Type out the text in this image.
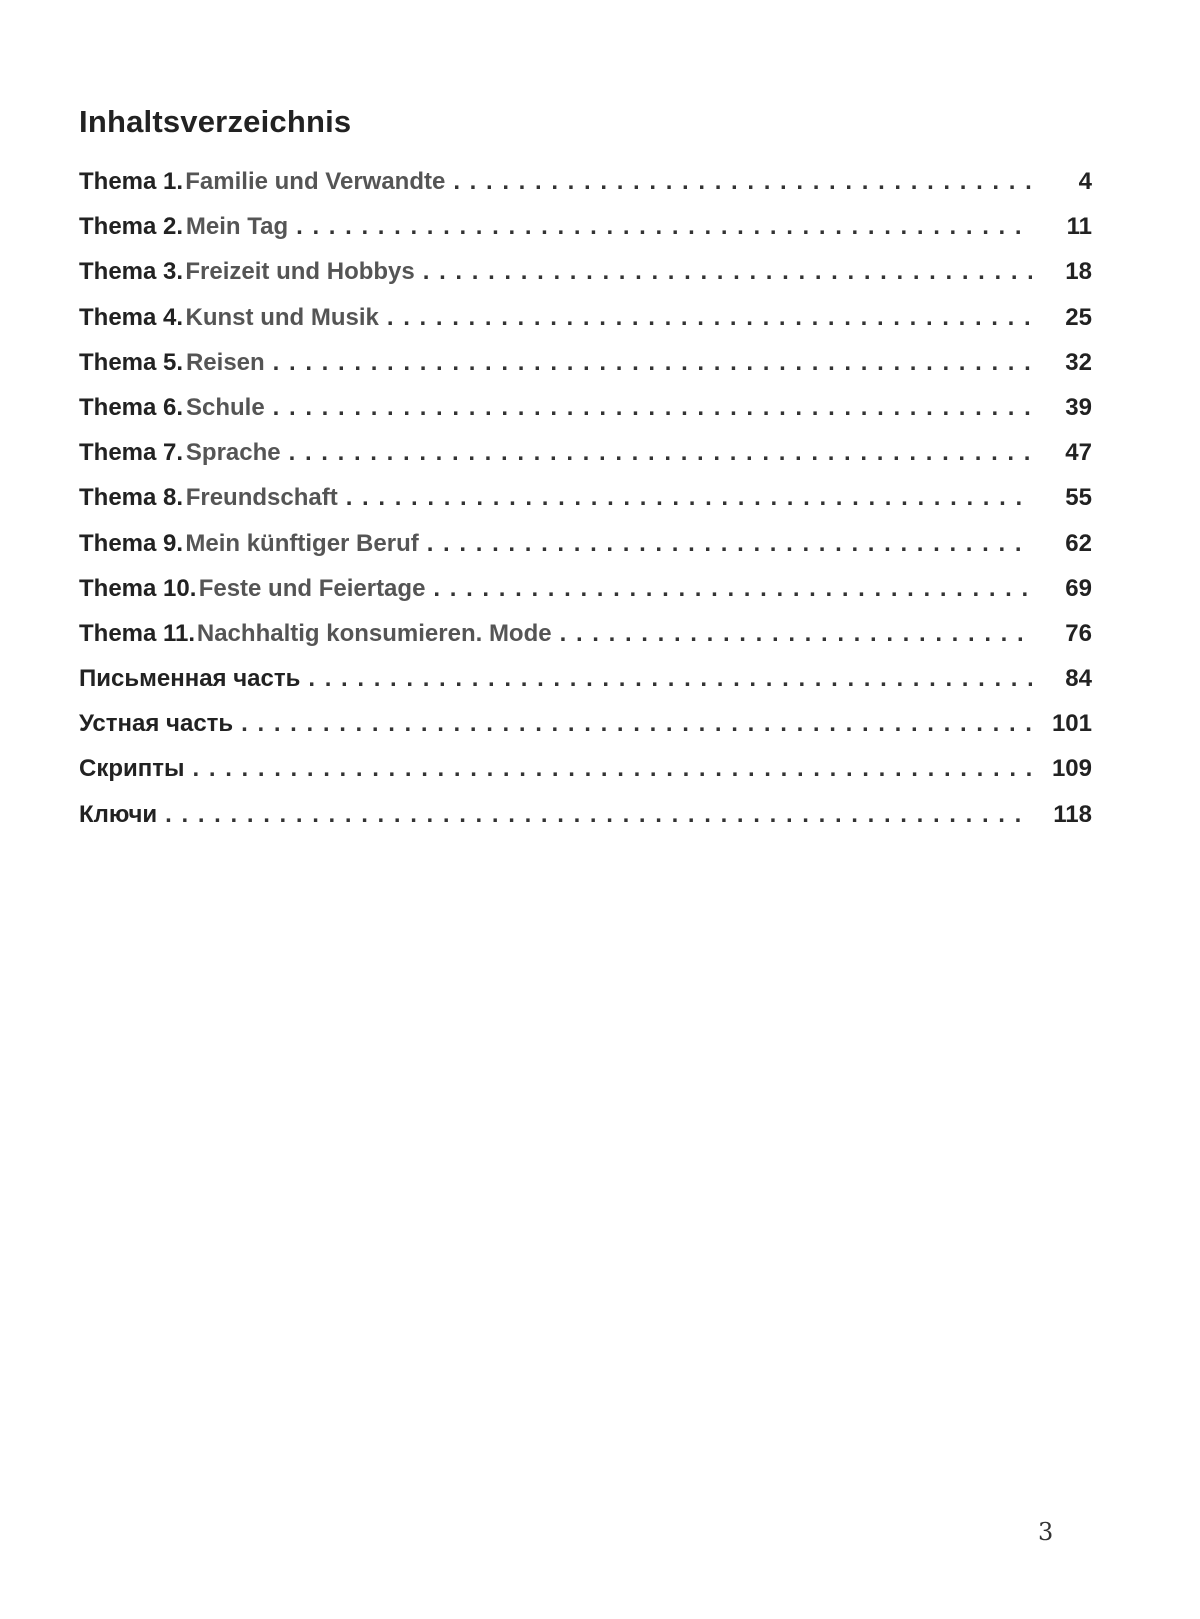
Inhaltsverzeichnis
Thema 1. Familie und Verwandte . . .	4
Thema 2. Mein Tag . . .	11
Thema 3. Freizeit und Hobbys . . .	18
Thema 4. Kunst und Musik . . .	25
Thema 5. Reisen . . .	32
Thema 6. Schule . . .	39
Thema 7. Sprache . . .	47
Thema 8. Freundschaft . . .	55
Thema 9. Mein künftiger Beruf . . .	62
Thema 10. Feste und Feiertage . . .	69
Thema 11. Nachhaltig konsumieren. Mode . . .	76
Письменная часть . . .	84
Устная часть . . .	101
Скрипты . . .	109
Ключи . . .	118
3
